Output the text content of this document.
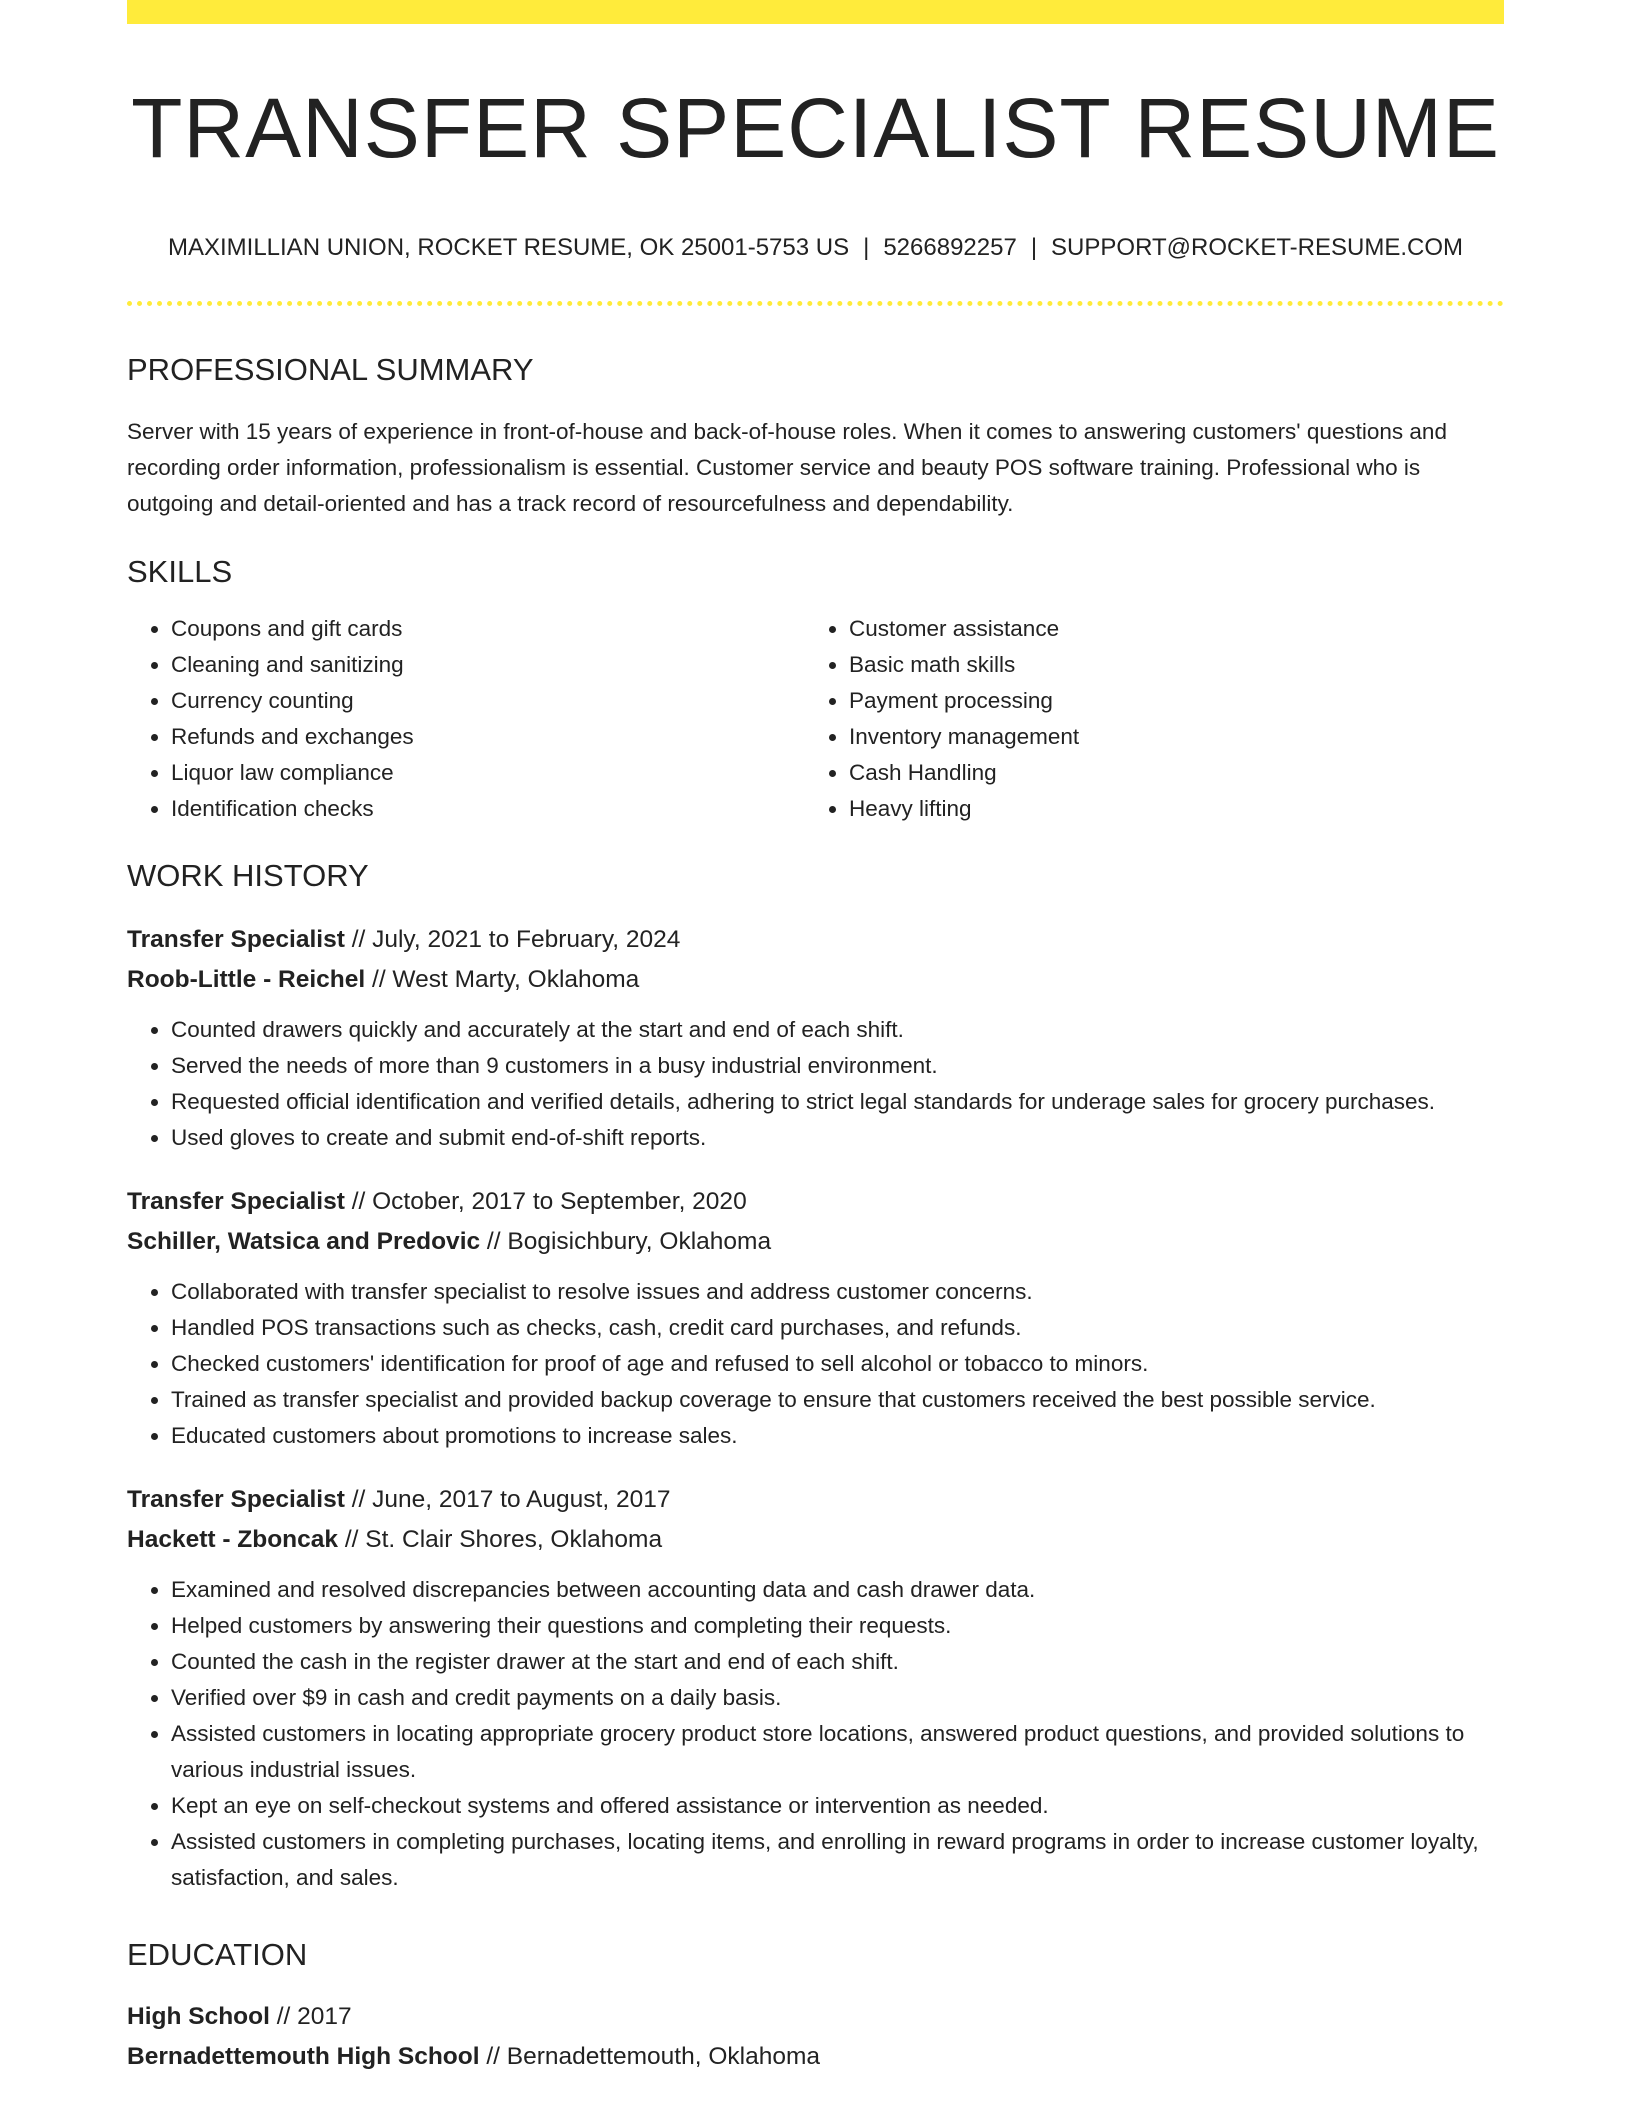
TRANSFER SPECIALIST RESUME
MAXIMILLIAN UNION, ROCKET RESUME, OK 25001-5753 US | 5266892257 | SUPPORT@ROCKET-RESUME.COM
PROFESSIONAL SUMMARY

Server with 15 years of experience in front-of-house and back-of-house roles. When it comes to answering customers' questions and recording order information, professionalism is essential. Customer service and beauty POS software training. Professional who is outgoing and detail-oriented and has a track record of resourcefulness and dependability.

SKILLS
• Coupons and gift cards
• Cleaning and sanitizing
• Currency counting
• Refunds and exchanges
• Liquor law compliance
• Identification checks
• Customer assistance
• Basic math skills
• Payment processing
• Inventory management
• Cash Handling
• Heavy lifting
WORK HISTORY
Transfer Specialist // July, 2021 to February, 2024
Roob-Little - Reichel // West Marty, Oklahoma
• Counted drawers quickly and accurately at the start and end of each shift.
• Served the needs of more than 9 customers in a busy industrial environment.
• Requested official identification and verified details, adhering to strict legal standards for underage sales for grocery purchases.
• Used gloves to create and submit end-of-shift reports.
Transfer Specialist // October, 2017 to September, 2020
Schiller, Watsica and Predovic // Bogisichbury, Oklahoma
• Collaborated with transfer specialist to resolve issues and address customer concerns.
• Handled POS transactions such as checks, cash, credit card purchases, and refunds.
• Checked customers' identification for proof of age and refused to sell alcohol or tobacco to minors.
• Trained as transfer specialist and provided backup coverage to ensure that customers received the best possible service.
• Educated customers about promotions to increase sales.
Transfer Specialist // June, 2017 to August, 2017
Hackett - Zboncak // St. Clair Shores, Oklahoma
• Examined and resolved discrepancies between accounting data and cash drawer data.
• Helped customers by answering their questions and completing their requests.
• Counted the cash in the register drawer at the start and end of each shift.
• Verified over $9 in cash and credit payments on a daily basis.
• Assisted customers in locating appropriate grocery product store locations, answered product questions, and provided solutions to various industrial issues.
• Kept an eye on self-checkout systems and offered assistance or intervention as needed.
• Assisted customers in completing purchases, locating items, and enrolling in reward programs in order to increase customer loyalty, satisfaction, and sales.
EDUCATION
High School // 2017
Bernadettemouth High School // Bernadettemouth, Oklahoma
